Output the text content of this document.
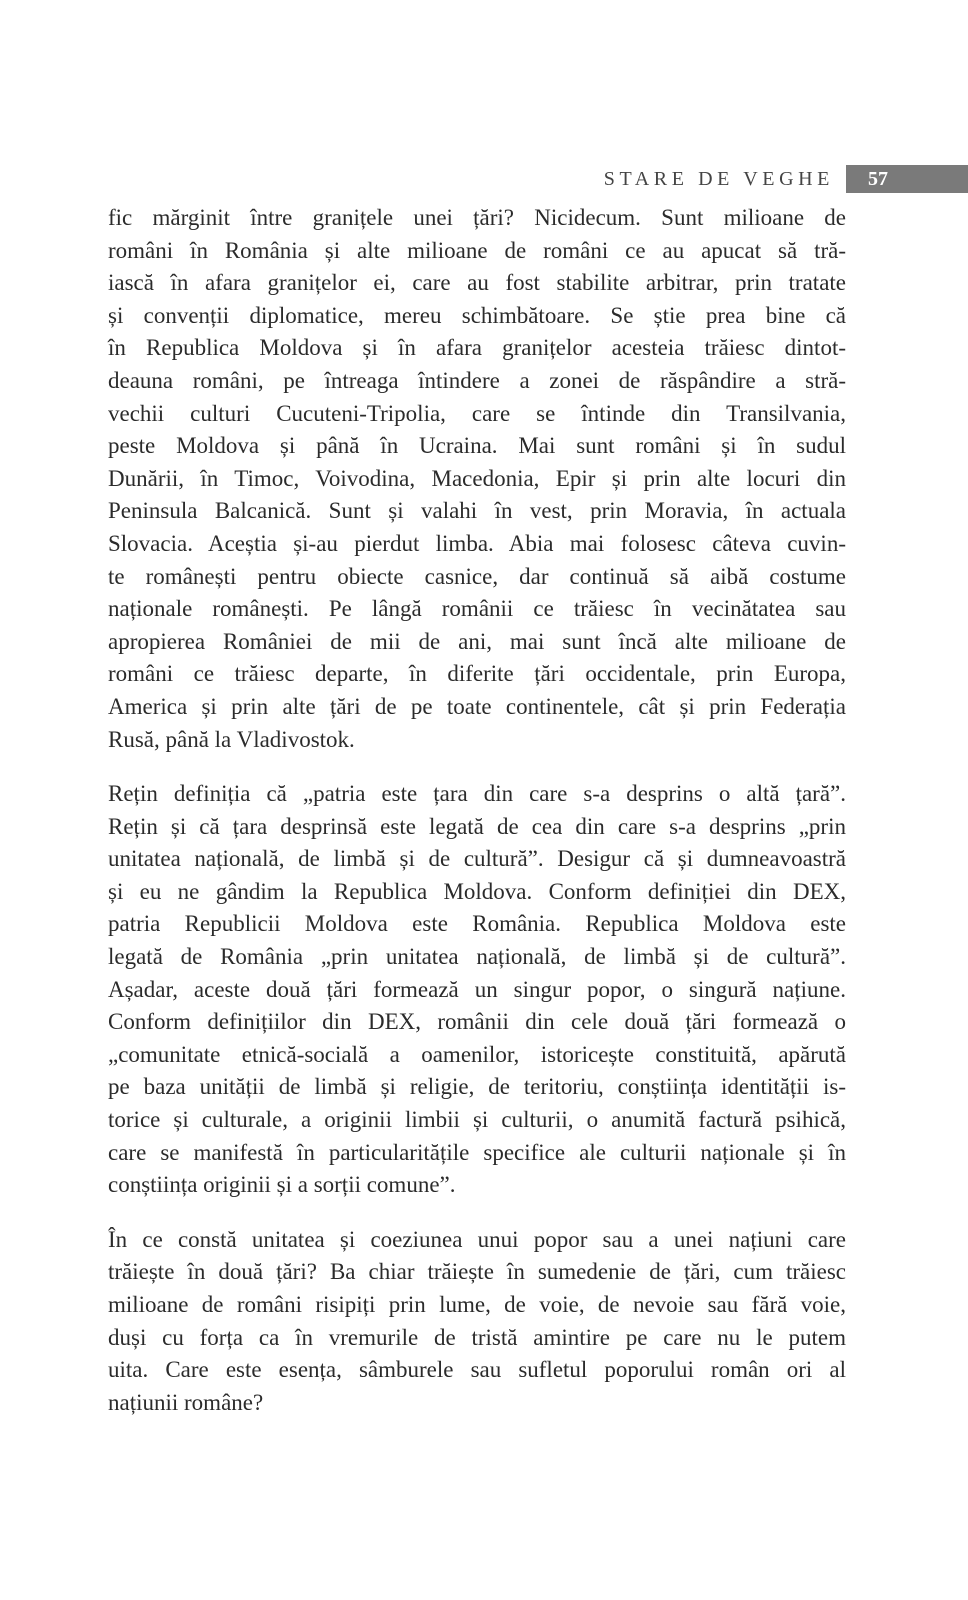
STARE DE VEGHE	57

fic mărginit între granițele unei țări? Nicidecum. Sunt milioane de
români în România și alte milioane de români ce au apucat să tră-
iască în afara granițelor ei, care au fost stabilite arbitrar, prin tratate
și convenții diplomatice, mereu schimbătoare. Se știe prea bine că
în Republica Moldova și în afara granițelor acesteia trăiesc dintot-
deauna români, pe întreaga întindere a zonei de răspândire a stră-
vechii culturi Cucuteni-Tripolia, care se întinde din Transilvania,
peste Moldova și până în Ucraina. Mai sunt români și în sudul
Dunării, în Timoc, Voivodina, Macedonia, Epir și prin alte locuri din
Peninsula Balcanică. Sunt și valahi în vest, prin Moravia, în actuala
Slovacia. Aceștia și-au pierdut limba. Abia mai folosesc câteva cuvin-
te românești pentru obiecte casnice, dar continuă să aibă costume
naționale românești. Pe lângă românii ce trăiesc în vecinătatea sau
apropierea României de mii de ani, mai sunt încă alte milioane de
români ce trăiesc departe, în diferite țări occidentale, prin Europa,
America și prin alte țări de pe toate continentele, cât și prin Federația
Rusă, până la Vladivostok.

Rețin definiția că „patria este țara din care s-a desprins o altă țară”.
Rețin și că țara desprinsă este legată de cea din care s-a desprins „prin
unitatea națională, de limbă și de cultură”. Desigur că și dumneavoastră
și eu ne gândim la Republica Moldova. Conform definiției din DEX,
patria Republicii Moldova este România. Republica Moldova este
legată de România „prin unitatea națională, de limbă și de cultură”.
Așadar, aceste două țări formează un singur popor, o singură națiune.
Conform definițiilor din DEX, românii din cele două țări formează o
„comunitate etnică-socială a oamenilor, istoricește constituită, apărută
pe baza unității de limbă și religie, de teritoriu, conștiința identității is-
torice și culturale, a originii limbii și culturii, o anumită factură psihică,
care se manifestă în particularitățile specifice ale culturii naționale și în
conștiința originii și a sorții comune”.

În ce constă unitatea și coeziunea unui popor sau a unei națiuni care
trăiește în două țări? Ba chiar trăiește în sumedenie de țări, cum trăiesc
milioane de români risipiți prin lume, de voie, de nevoie sau fără voie,
duși cu forța ca în vremurile de tristă amintire pe care nu le putem
uita. Care este esența, sâmburele sau sufletul poporului român ori al
națiunii române?
